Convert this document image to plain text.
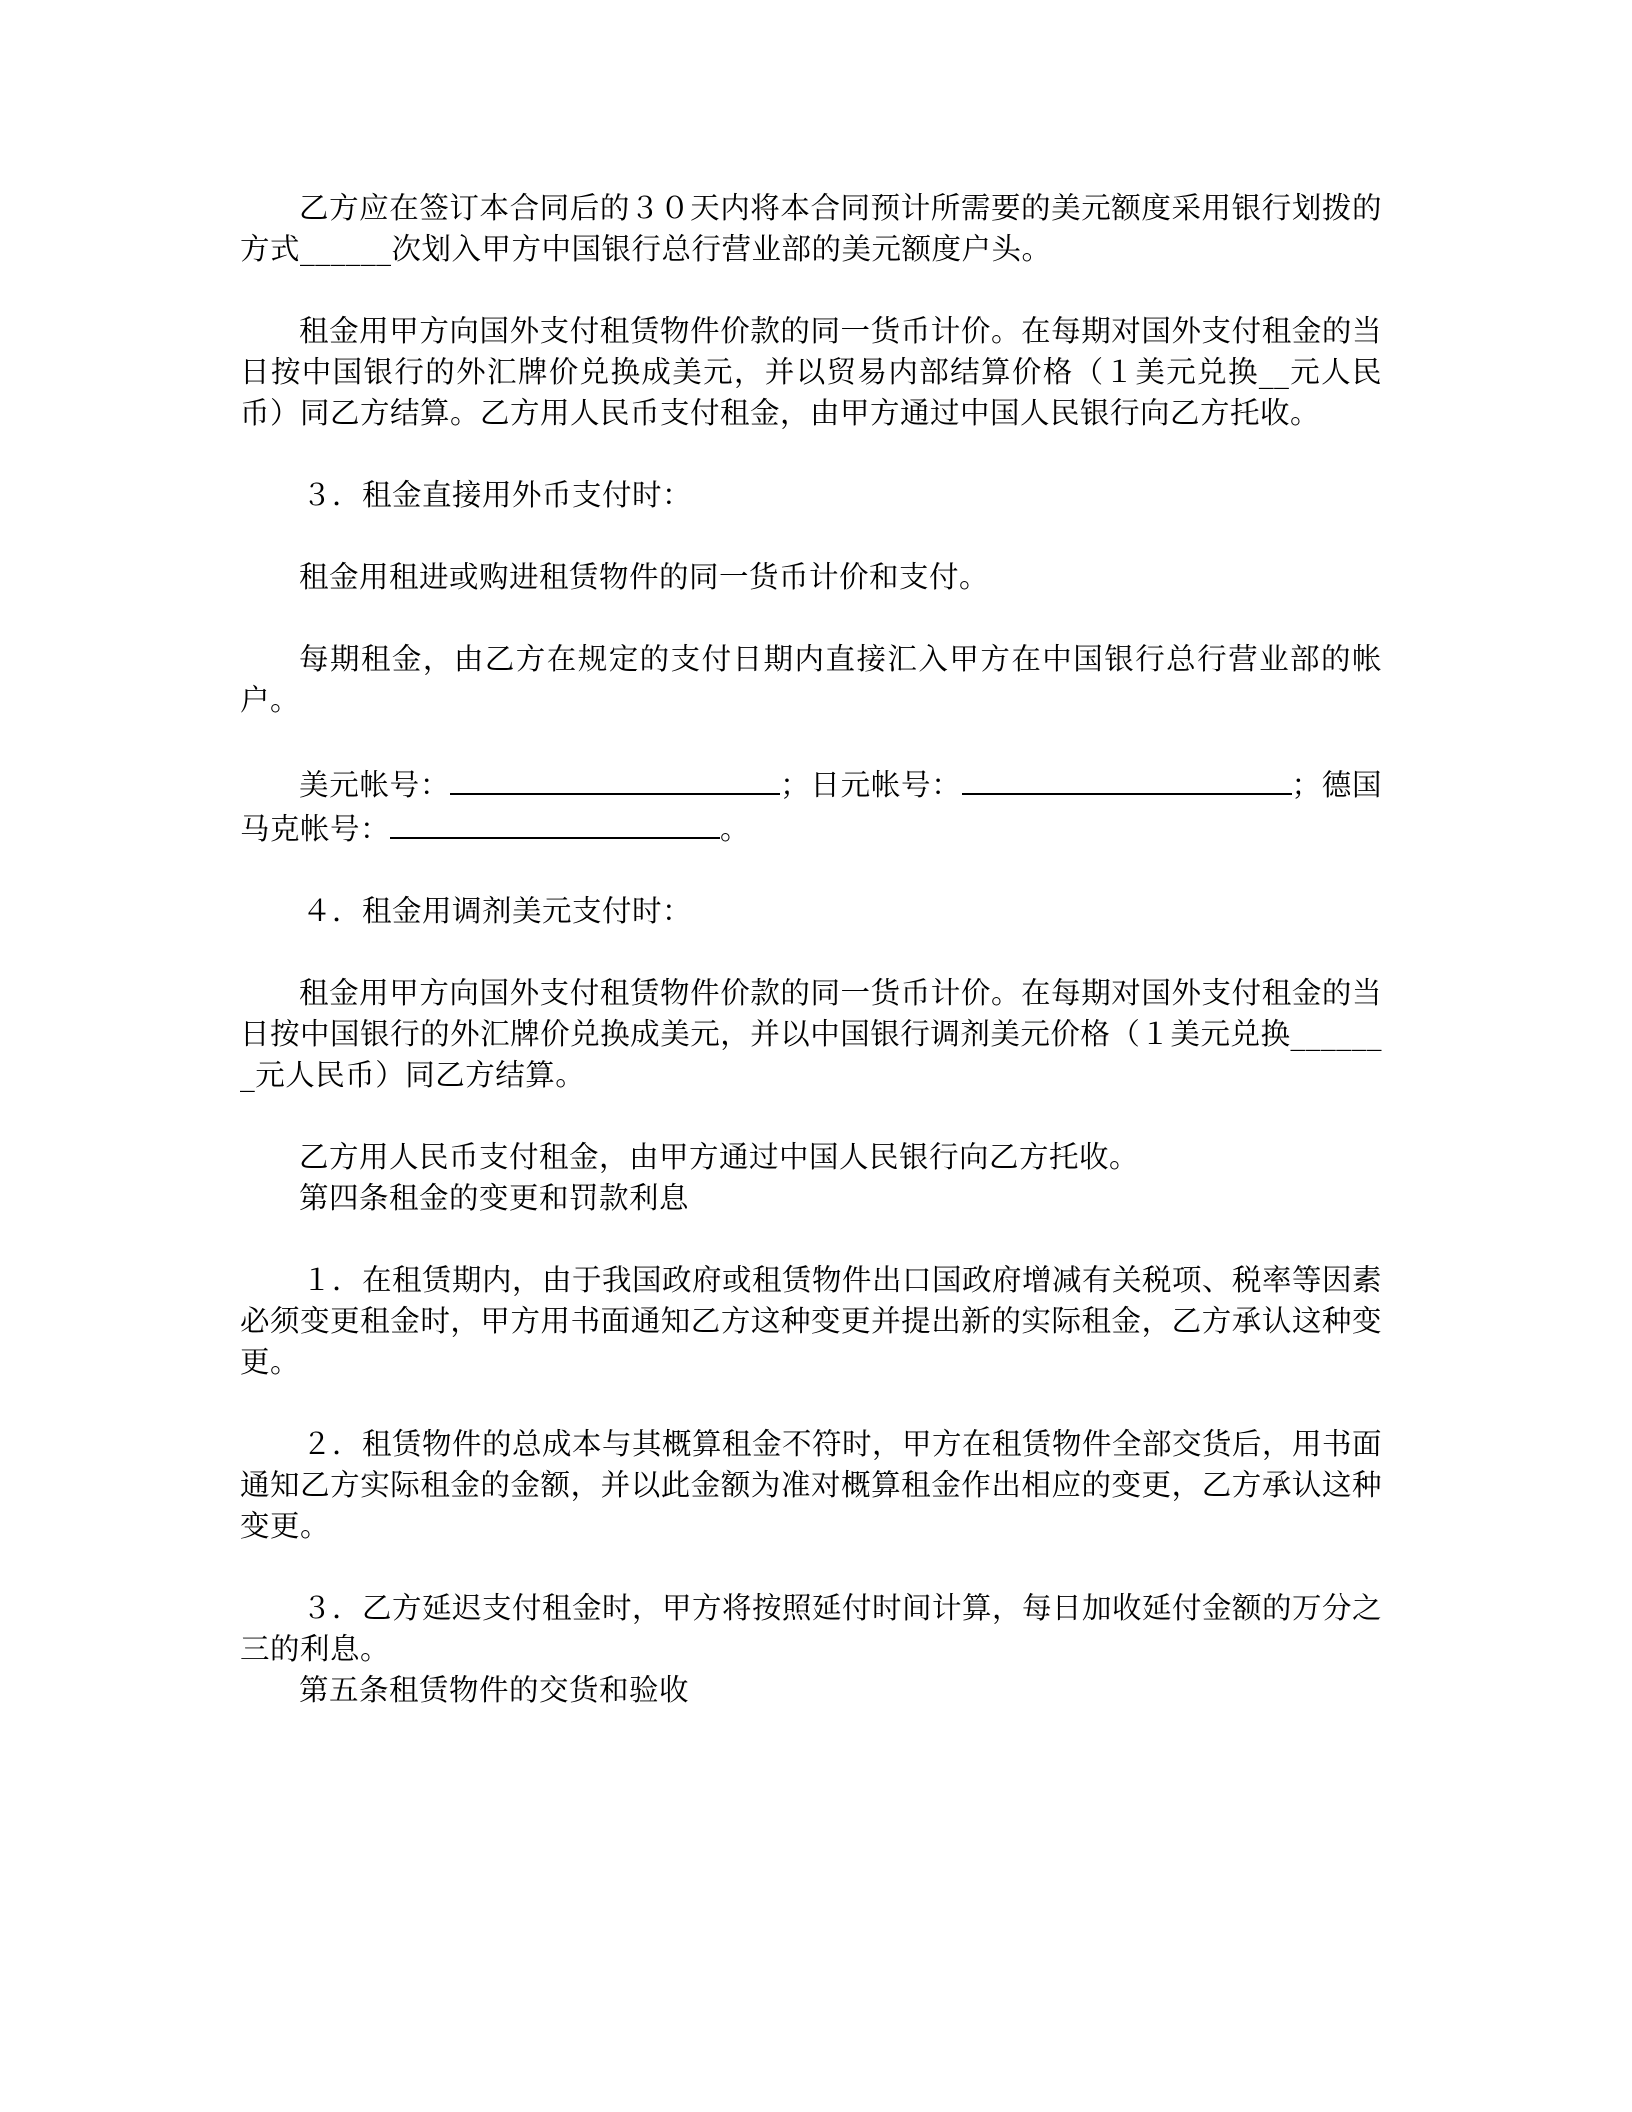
乙方应在签订本合同后的３０天内将本合同预计所需要的美元额度采用银行划拨的方式______次划入甲方中国银行总行营业部的美元额度户头。

租金用甲方向国外支付租赁物件价款的同一货币计价。在每期对国外支付租金的当日按中国银行的外汇牌价兑换成美元，并以贸易内部结算价格（１美元兑换__元人民币）同乙方结算。乙方用人民币支付租金，由甲方通过中国人民银行向乙方托收。

３．租金直接用外币支付时：

租金用租进或购进租赁物件的同一货币计价和支付。

每期租金，由乙方在规定的支付日期内直接汇入甲方在中国银行总行营业部的帐户。

美元帐号：	；日元帐号：	；德国马克帐号：	。

４．租金用调剂美元支付时：

租金用甲方向国外支付租赁物件价款的同一货币计价。在每期对国外支付租金的当日按中国银行的外汇牌价兑换成美元，并以中国银行调剂美元价格（１美元兑换_______元人民币）同乙方结算。

乙方用人民币支付租金，由甲方通过中国人民银行向乙方托收。

第四条租金的变更和罚款利息

１．在租赁期内，由于我国政府或租赁物件出口国政府增减有关税项、税率等因素必须变更租金时，甲方用书面通知乙方这种变更并提出新的实际租金，乙方承认这种变更。

２．租赁物件的总成本与其概算租金不符时，甲方在租赁物件全部交货后，用书面通知乙方实际租金的金额，并以此金额为准对概算租金作出相应的变更，乙方承认这种变更。

３．乙方延迟支付租金时，甲方将按照延付时间计算，每日加收延付金额的万分之三的利息。

第五条租赁物件的交货和验收
